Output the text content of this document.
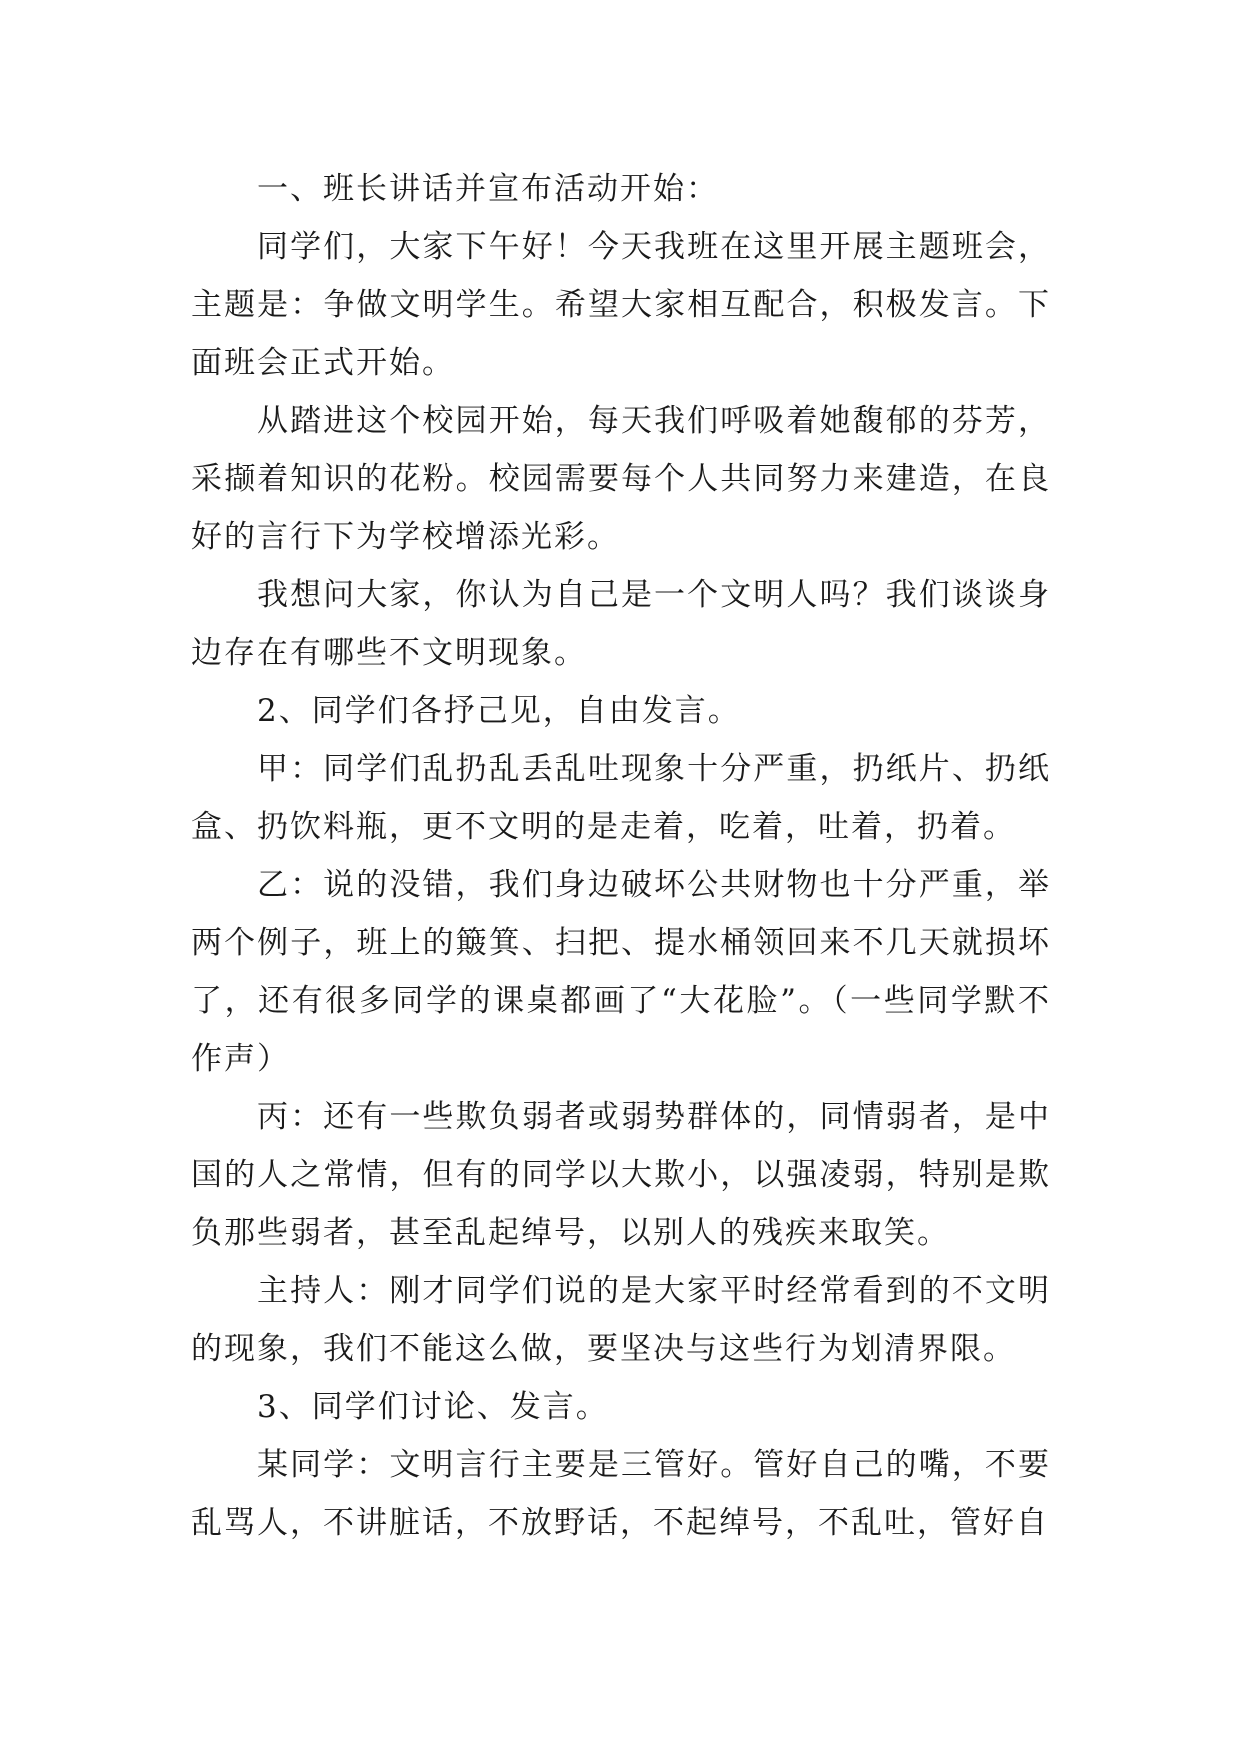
一、班长讲话并宣布活动开始：

同学们，大家下午好！今天我班在这里开展主题班会，主题是：争做文明学生。希望大家相互配合，积极发言。下面班会正式开始。

从踏进这个校园开始，每天我们呼吸着她馥郁的芬芳，采撷着知识的花粉。校园需要每个人共同努力来建造，在良好的言行下为学校增添光彩。

我想问大家，你认为自己是一个文明人吗？我们谈谈身边存在有哪些不文明现象。

2、同学们各抒己见，自由发言。

甲：同学们乱扔乱丢乱吐现象十分严重，扔纸片、扔纸盒、扔饮料瓶，更不文明的是走着，吃着，吐着，扔着。

乙：说的没错，我们身边破坏公共财物也十分严重，举两个例子，班上的簸箕、扫把、提水桶领回来不几天就损坏了，还有很多同学的课桌都画了“大花脸”。（一些同学默不作声）

丙：还有一些欺负弱者或弱势群体的，同情弱者，是中国的人之常情，但有的同学以大欺小，以强凌弱，特别是欺负那些弱者，甚至乱起绰号，以别人的残疾来取笑。

主持人：刚才同学们说的是大家平时经常看到的不文明的现象，我们不能这么做，要坚决与这些行为划清界限。

3、同学们讨论、发言。

某同学：文明言行主要是三管好。管好自己的嘴，不要乱骂人，不讲脏话，不放野话，不起绰号，不乱吐，管好自
